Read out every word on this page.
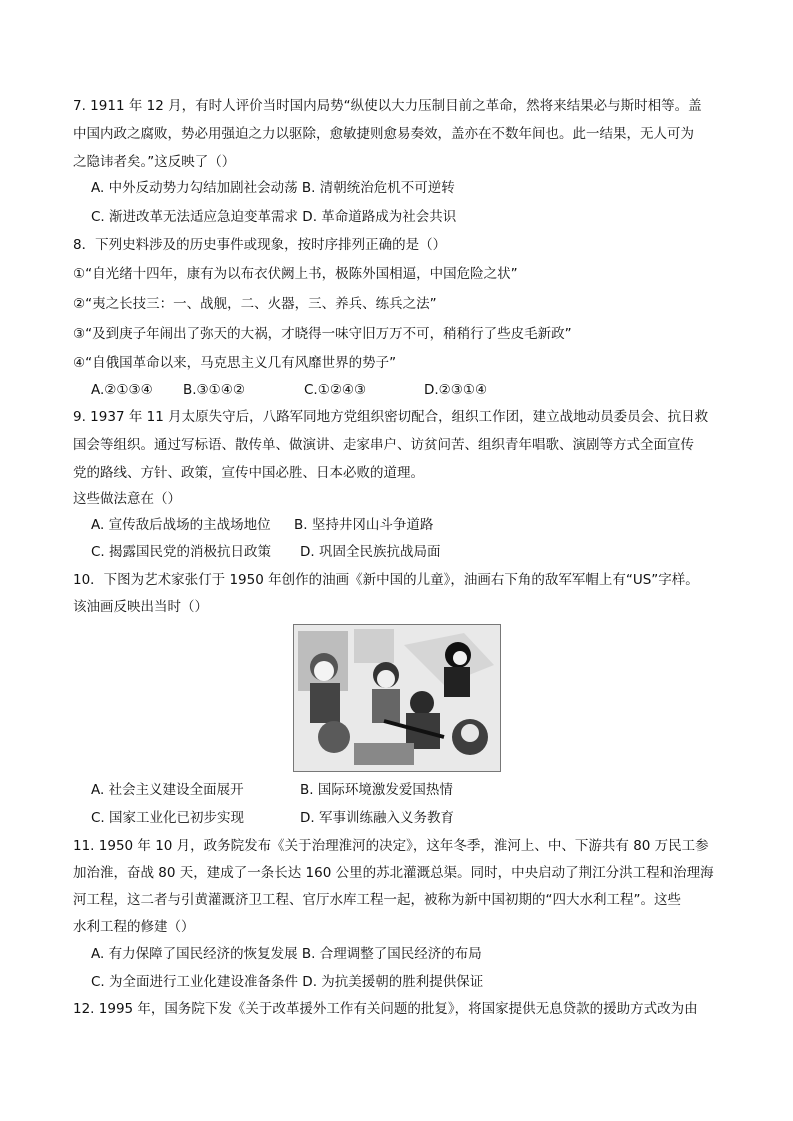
7. 1911 年 12 月，有时人评价当时国内局势“纵使以大力压制目前之革命，然将来结果必与斯时相等。盖
中国内政之腐败，势必用强迫之力以驱除，愈敏捷则愈易奏效，盖亦在不数年间也。此一结果，无人可为
之隐讳者矣。”这反映了（）
A. 中外反动势力勾结加剧社会动荡 B. 清朝统治危机不可逆转
C. 渐进改革无法适应急迫变革需求 D. 革命道路成为社会共识
8．下列史料涉及的历史事件或现象，按时序排列正确的是（）
①“自光绪十四年，康有为以布衣伏阙上书，极陈外国相逼，中国危险之状”
②“夷之长技三：一、战舰，二、火器，三、养兵、练兵之法”
③“及到庚子年闹出了弥天的大祸，才晓得一味守旧万万不可，稍稍行了些皮毛新政”
④“自俄国革命以来，马克思主义几有风靡世界的势子”
A.②①③④ B.③①④②	C.①②④③	D.②③①④
9. 1937 年 11 月太原失守后，八路军同地方党组织密切配合，组织工作团，建立战地动员委员会、抗日救
国会等组织。通过写标语、散传单、做演讲、走家串户、访贫问苦、组织青年唱歌、演剧等方式全面宣传
党的路线、方针、政策，宣传中国必胜、日本必败的道理。
这些做法意在（）
A. 宣传敌后战场的主战场地位 B. 坚持井冈山斗争道路
C. 揭露国民党的消极抗日政策 D. 巩固全民族抗战局面
10．下图为艺术家张仃于 1950 年创作的油画《新中国的儿童》，油画右下角的敌军军帽上有“US”字样。
该油画反映出当时（）
A. 社会主义建设全面展开	B. 国际环境激发爱国热情
C. 国家工业化已初步实现	D. 军事训练融入义务教育
11. 1950 年 10 月，政务院发布《关于治理淮河的决定》，这年冬季，淮河上、中、下游共有 80 万民工参
加治淮，奋战 80 天，建成了一条长达 160 公里的苏北灌溉总渠。同时，中央启动了荆江分洪工程和治理海
河工程，这二者与引黄灌溉济卫工程、官厅水库工程一起，被称为新中国初期的“四大水利工程”。这些
水利工程的修建（）
A. 有力保障了国民经济的恢复发展 B. 合理调整了国民经济的布局
C. 为全面进行工业化建设准备条件 D. 为抗美援朝的胜利提供保证
12. 1995 年，国务院下发《关于改革援外工作有关问题的批复》，将国家提供无息贷款的援助方式改为由
